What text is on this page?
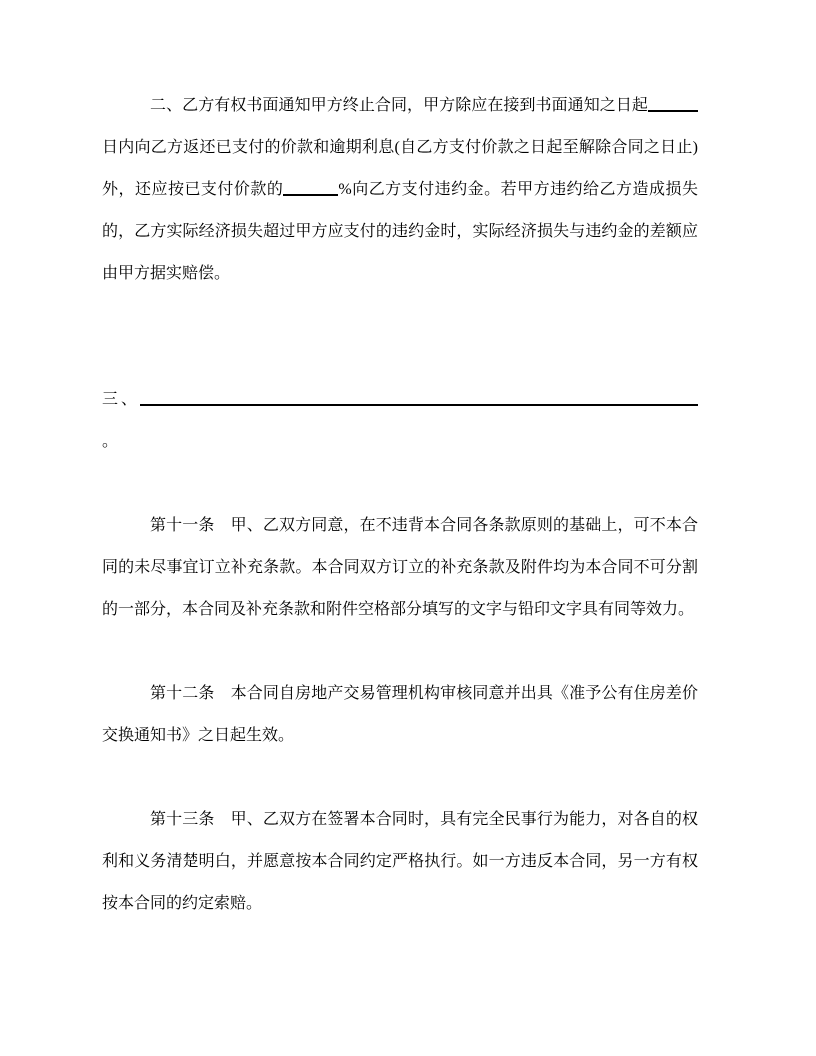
二、乙方有权书面通知甲方终止合同，甲方除应在接到书面通知之日起日内向乙方返还已支付的价款和逾期利息(自乙方支付价款之日起至解除合同之日止)外，还应按已支付价款的	%向乙方支付违约金。若甲方违约给乙方造成损失的，乙方实际经济损失超过甲方应支付的违约金时，实际经济损失与违约金的差额应由甲方据实赔偿。
三、。
第十一条　甲、乙双方同意，在不违背本合同各条款原则的基础上，可不本合同的未尽事宜订立补充条款。本合同双方订立的补充条款及附件均为本合同不可分割的一部分，本合同及补充条款和附件空格部分填写的文字与铅印文字具有同等效力。
第十二条　本合同自房地产交易管理机构审核同意并出具《准予公有住房差价交换通知书》之日起生效。
第十三条　甲、乙双方在签署本合同时，具有完全民事行为能力，对各自的权利和义务清楚明白，并愿意按本合同约定严格执行。如一方违反本合同，另一方有权按本合同的约定索赔。
